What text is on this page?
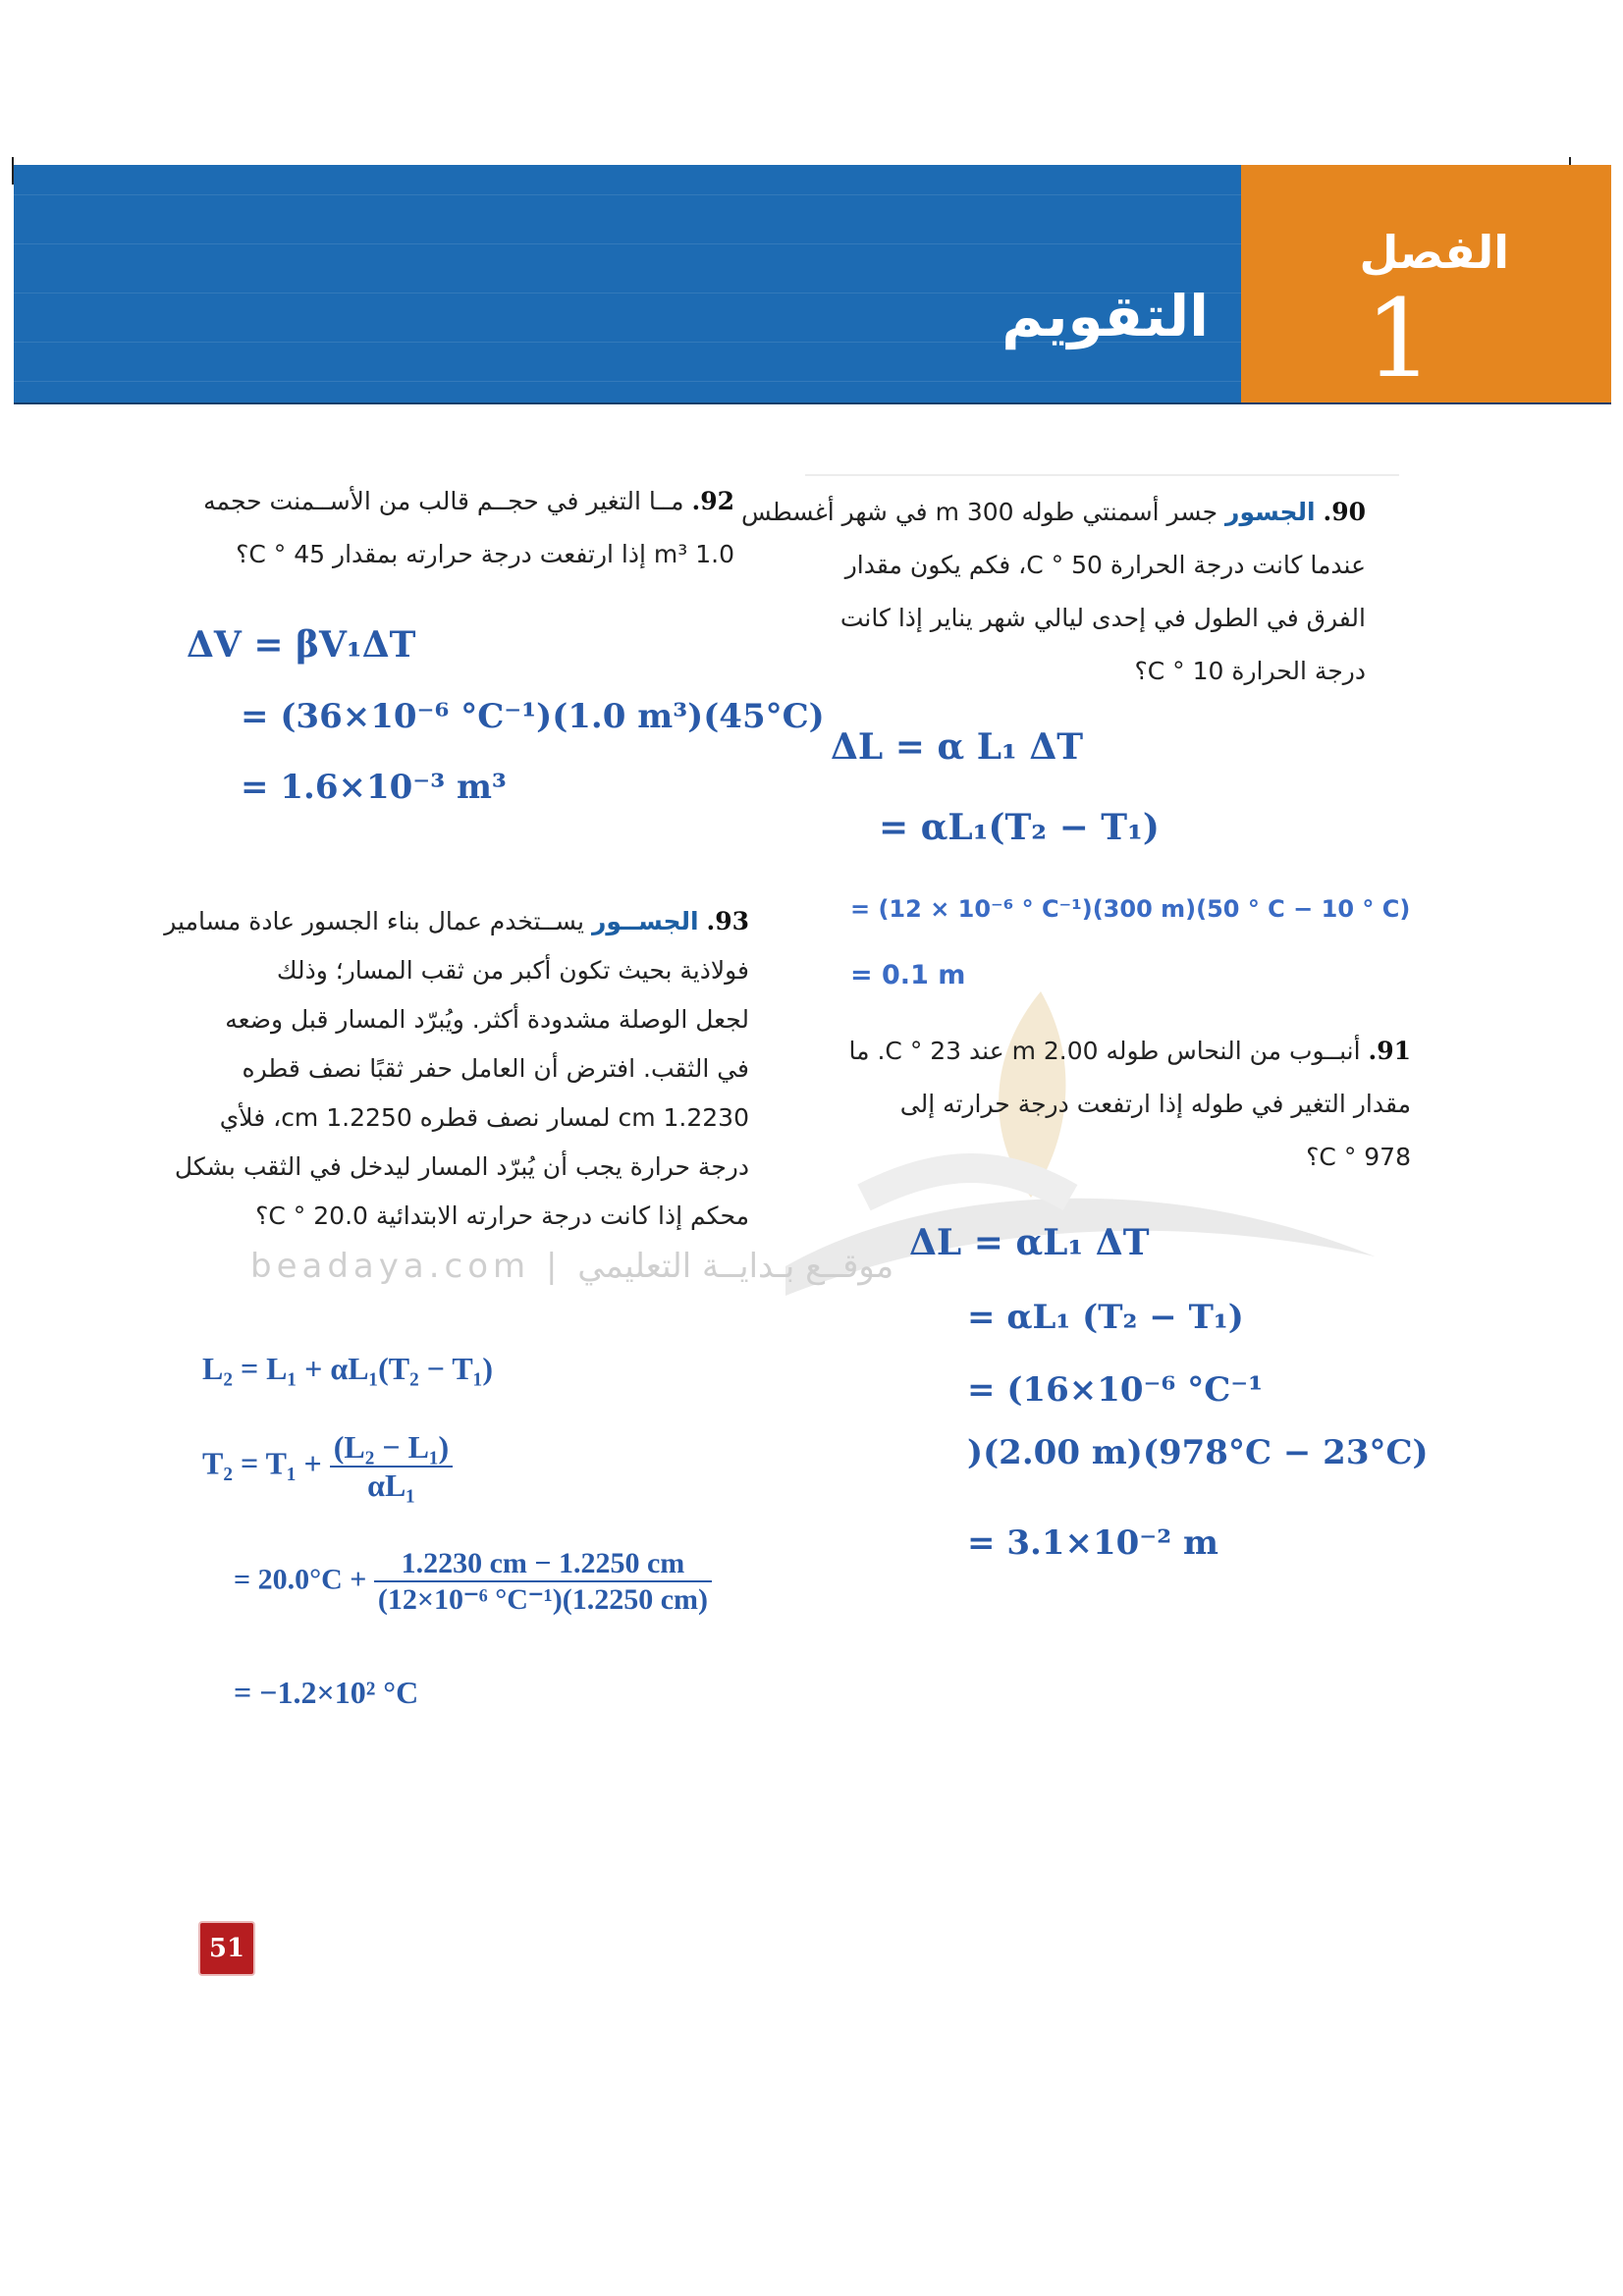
الفصل
1
التقويم
beadaya.com | موقــع بـدايــة التعليمي
90. الجسور جسر أسمنتي طوله 300 m في شهر أغسطس
عندما كانت درجة الحرارة C ° 50، فكم يكون مقدار
الفرق في الطول في إحدى ليالي شهر يناير إذا كانت
درجة الحرارة C ° 10؟
ΔL = α L₁ ΔT
= αL₁(T₂ − T₁)
= (12 × 10⁻⁶ ° C⁻¹)(300 m)(50 ° C − 10 ° C)
= 0.1 m
91. أنبــوب من النحاس طوله 2.00 m عند C ° 23. ما
مقدار التغير في طوله إذا ارتفعت درجة حرارته إلى
C ° 978؟
ΔL = αL₁ ΔT
= αL₁ (T₂ − T₁)
= (16×10⁻⁶ °C⁻¹
)(2.00 m)(978°C − 23°C)
= 3.1×10⁻² m
92. مــا التغير في حجــم قالب من الأســمنت حجمه
1.0 m³ إذا ارتفعت درجة حرارته بمقدار C ° 45؟
ΔV = βV₁ΔT
= (36×10⁻⁶ °C⁻¹)(1.0 m³)(45°C)
= 1.6×10⁻³ m³
93. الجســور يســتخدم عمال بناء الجسور عادة مسامير
فولاذية بحيث تكون أكبر من ثقب المسار؛ وذلك
لجعل الوصلة مشدودة أكثر. ويُبرّد المسار قبل وضعه
في الثقب. افترض أن العامل حفر ثقبًا نصف قطره
1.2230 cm لمسار نصف قطره 1.2250 cm، فلأي
درجة حرارة يجب أن يُبرّد المسار ليدخل في الثقب بشكل
محكم إذا كانت درجة حرارته الابتدائية C ° 20.0؟
L₂ = L₁ + αL₁(T₂ − T₁)
$T_2 = T_1 + \frac{\text{(L₂ − L₁)}}{\text{αL₁}}$
= $20.0^\circ C + \frac{1.2230 cm - 1.2250 cm}{\text{(12×10⁻⁶ °C⁻¹)(1.2250 cm)}}$
= −1.2×10² °C
51
